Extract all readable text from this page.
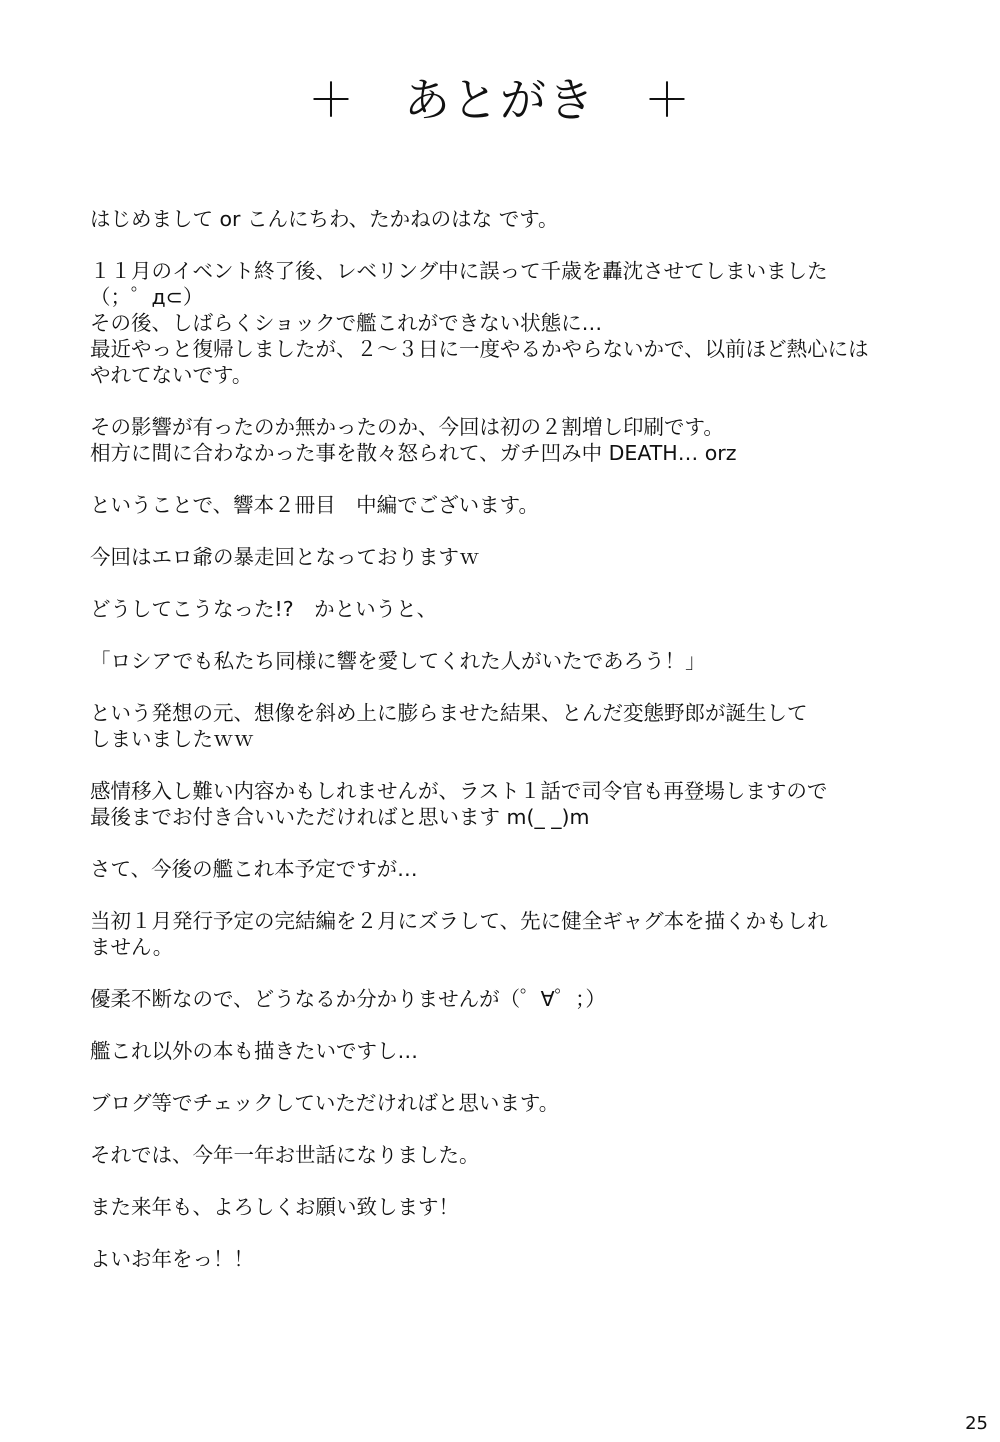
＋　あとがき　＋
はじめまして or こんにちわ、たかねのはな です。
１１月のイベント終了後、レベリング中に誤って千歳を轟沈させてしまいました
（；゜д⊂）
その後、しばらくショックで艦これができない状態に…
最近やっと復帰しましたが、２～３日に一度やるかやらないかで、以前ほど熱心には
やれてないです。
その影響が有ったのか無かったのか、今回は初の２割増し印刷です。
相方に間に合わなかった事を散々怒られて、ガチ凹み中 DEATH… orz
ということで、響本２冊目　中編でございます。
今回はエロ爺の暴走回となっておりますｗ
どうしてこうなった!?　かというと、
「ロシアでも私たち同様に響を愛してくれた人がいたであろう！」
という発想の元、想像を斜め上に膨らませた結果、とんだ変態野郎が誕生して
しまいましたｗｗ
感情移入し難い内容かもしれませんが、ラスト１話で司令官も再登場しますので
最後までお付き合いいただければと思います m(_ _)m
さて、今後の艦これ本予定ですが…
当初１月発行予定の完結編を２月にズラして、先に健全ギャグ本を描くかもしれ
ません。
優柔不断なので、どうなるか分かりませんが（゜∀゜；）
艦これ以外の本も描きたいですし…
ブログ等でチェックしていただければと思います。
それでは、今年一年お世話になりました。
また来年も、よろしくお願い致します！
よいお年をっ！！
25
